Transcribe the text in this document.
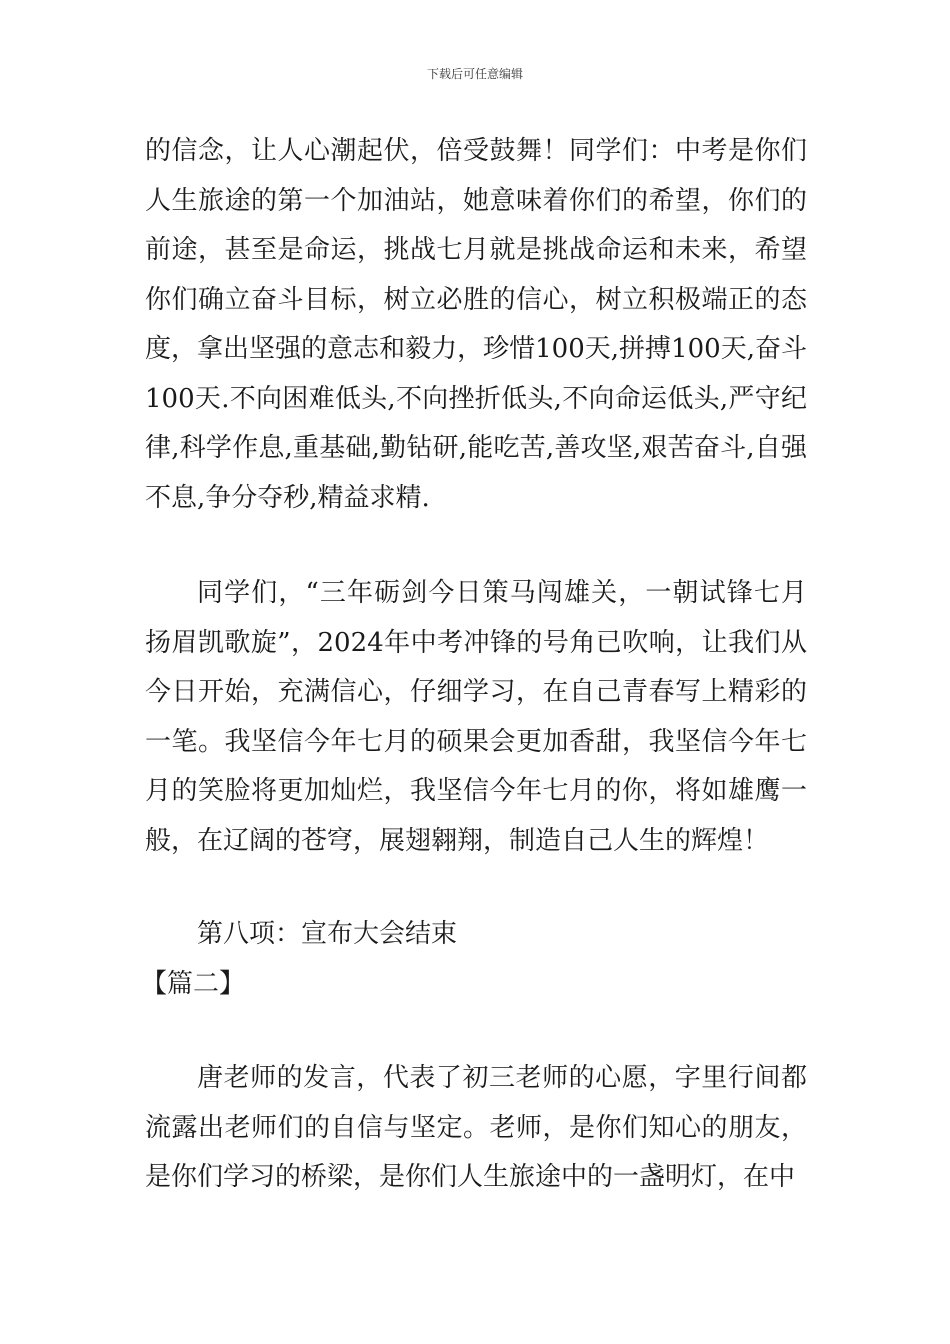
下载后可任意编辑

的信念，让人心潮起伏，倍受鼓舞！同学们：中考是你们人生旅途的第一个加油站，她意味着你们的希望，你们的前途，甚至是命运，挑战七月就是挑战命运和未来，希望你们确立奋斗目标，树立必胜的信心，树立积极端正的态度，拿出坚强的意志和毅力，珍惜100天,拼搏100天,奋斗100天.不向困难低头,不向挫折低头,不向命运低头,严守纪律,科学作息,重基础,勤钻研,能吃苦,善攻坚,艰苦奋斗,自强不息,争分夺秒,精益求精.

同学们，“三年砺剑今日策马闯雄关，一朝试锋七月扬眉凯歌旋”，2024年中考冲锋的号角已吹响，让我们从今日开始，充满信心，仔细学习，在自己青春写上精彩的一笔。我坚信今年七月的硕果会更加香甜，我坚信今年七月的笑脸将更加灿烂，我坚信今年七月的你，将如雄鹰一般，在辽阔的苍穹，展翅翱翔，制造自己人生的辉煌！

第八项：宣布大会结束

【篇二】

唐老师的发言，代表了初三老师的心愿，字里行间都流露出老师们的自信与坚定。老师，是你们知心的朋友，是你们学习的桥梁，是你们人生旅途中的一盏明灯，在中
